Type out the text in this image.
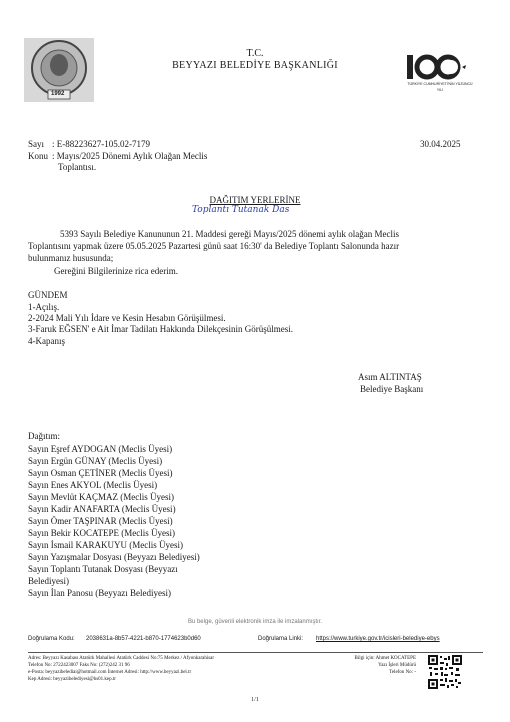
1992
T.C.
BEYYAZI BELEDİYE BAŞKANLIĞI
TÜRKİYE CUMHURİYETİ'NİN YÜZÜNCÜ YILI
Sayı : E-88223627-105.02-7179	30.04.2025
Konu : Mayıs/2025 Dönemi Aylık Olağan Meclis
Toplantısı.
DAĞITIM YERLERİNE
Toplantı Tutanak Das
5393 Sayılı Belediye Kanununun 21. Maddesi gereği Mayıs/2025 dönemi aylık olağan Meclis
Toplantısını yapmak üzere 05.05.2025 Pazartesi günü saat 16:30' da Belediye Toplantı Salonunda hazır
bulunmanız hususunda;
Gereğini Bilgilerinize rica ederim.
GÜNDEM
1-Açılış.
2-2024 Mali Yılı İdare ve Kesin Hesabın Görüşülmesi.
3-Faruk EĞSEN' e Ait İmar Tadilatı Hakkında Dilekçesinin Görüşülmesi.
4-Kapanış
Asım ALTINTAŞ
Belediye Başkanı
Dağıtım:
Sayın Eşref AYDOGAN (Meclis Üyesi)
Sayın Ergün GÜNAY (Meclis Üyesi)
Sayın Osman ÇETİNER (Meclis Üyesi)
Sayın Enes AKYOL (Meclis Üyesi)
Sayın Mevlüt KAÇMAZ (Meclis Üyesi)
Sayın Kadir ANAFARTA (Meclis Üyesi)
Sayın Ömer TAŞPINAR (Meclis Üyesi)
Sayın Bekir KOCATEPE (Meclis Üyesi)
Sayın İsmail KARAKUYU (Meclis Üyesi)
Sayın Yazışmalar Dosyası (Beyyazı Belediyesi)
Sayın Toplantı Tutanak Dosyası (Beyyazı
Belediyesi)
Sayın İlan Panosu (Beyyazı Belediyesi)
Bu belge, güvenli elektronik imza ile imzalanmıştır.
Doğrulama Kodu: 2038631a-8b57-4221-b870-1774623b0d60	Doğrulama Linki: https://www.turkiye.gov.tr/icisleri-belediye-ebys
Adres: Beyyazı Kasabası Atatürk Mahallesi Atatürk Caddesi No:75 Merkez / Afyonkarahisar
Telefon No: 2722423007 Faks No: (272)242 31 96
e-Posta: beyyazibelediai@hotmail.com İnternet Adresi: http://www.beyyazi.bel.tr
Kep Adresi: beyyazibelediyesi@hs01.kep.tr
Bilgi için: Ahmet KOCATEPE
Yazı İşleri Müdürü
Telefon No: -
1/1
